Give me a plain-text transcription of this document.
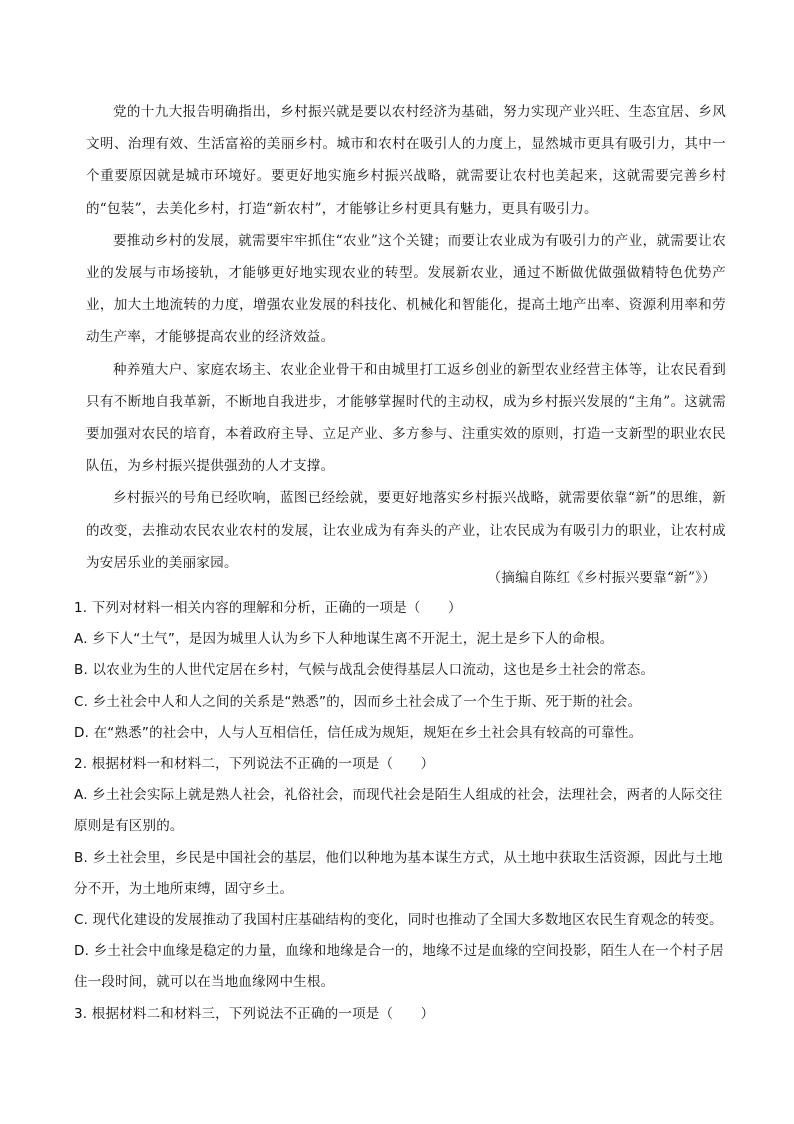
党的十九大报告明确指出，乡村振兴就是要以农村经济为基础，努力实现产业兴旺、生态宜居、乡风文明、治理有效、生活富裕的美丽乡村。城市和农村在吸引人的力度上，显然城市更具有吸引力，其中一个重要原因就是城市环境好。要更好地实施乡村振兴战略，就需要让农村也美起来，这就需要完善乡村的“包装”，去美化乡村，打造“新农村”，才能够让乡村更具有魅力，更具有吸引力。

要推动乡村的发展，就需要牢牢抓住“农业”这个关键；而要让农业成为有吸引力的产业，就需要让农业的发展与市场接轨，才能够更好地实现农业的转型。发展新农业，通过不断做优做强做精特色优势产业，加大土地流转的力度，增强农业发展的科技化、机械化和智能化，提高土地产出率、资源利用率和劳动生产率，才能够提高农业的经济效益。

种养殖大户、家庭农场主、农业企业骨干和由城里打工返乡创业的新型农业经营主体等，让农民看到只有不断地自我革新，不断地自我进步，才能够掌握时代的主动权，成为乡村振兴发展的“主角”。这就需要加强对农民的培育，本着政府主导、立足产业、多方参与、注重实效的原则，打造一支新型的职业农民队伍，为乡村振兴提供强劲的人才支撑。

乡村振兴的号角已经吹响，蓝图已经绘就，要更好地落实乡村振兴战略，就需要依靠“新”的思维，新的改变，去推动农民农业农村的发展，让农业成为有奔头的产业，让农民成为有吸引力的职业，让农村成为安居乐业的美丽家园。

（摘编自陈红《乡村振兴要靠“新”》）

1. 下列对材料一相关内容的理解和分析，正确的一项是（　　）

A. 乡下人“土气”，是因为城里人认为乡下人种地谋生离不开泥土，泥土是乡下人的命根。

B. 以农业为生的人世代定居在乡村，气候与战乱会使得基层人口流动，这也是乡土社会的常态。

C. 乡土社会中人和人之间的关系是“熟悉”的，因而乡土社会成了一个生于斯、死于斯的社会。

D. 在“熟悉”的社会中，人与人互相信任，信任成为规矩，规矩在乡土社会具有较高的可靠性。

2. 根据材料一和材料二，下列说法不正确的一项是（　　）

A. 乡土社会实际上就是熟人社会，礼俗社会，而现代社会是陌生人组成的社会，法理社会，两者的人际交往原则是有区别的。

B. 乡土社会里，乡民是中国社会的基层，他们以种地为基本谋生方式，从土地中获取生活资源，因此与土地分不开，为土地所束缚，固守乡土。

C. 现代化建设的发展推动了我国村庄基础结构的变化，同时也推动了全国大多数地区农民生育观念的转变。

D. 乡土社会中血缘是稳定的力量，血缘和地缘是合一的，地缘不过是血缘的空间投影，陌生人在一个村子居住一段时间，就可以在当地血缘网中生根。

3. 根据材料二和材料三，下列说法不正确的一项是（　　）
